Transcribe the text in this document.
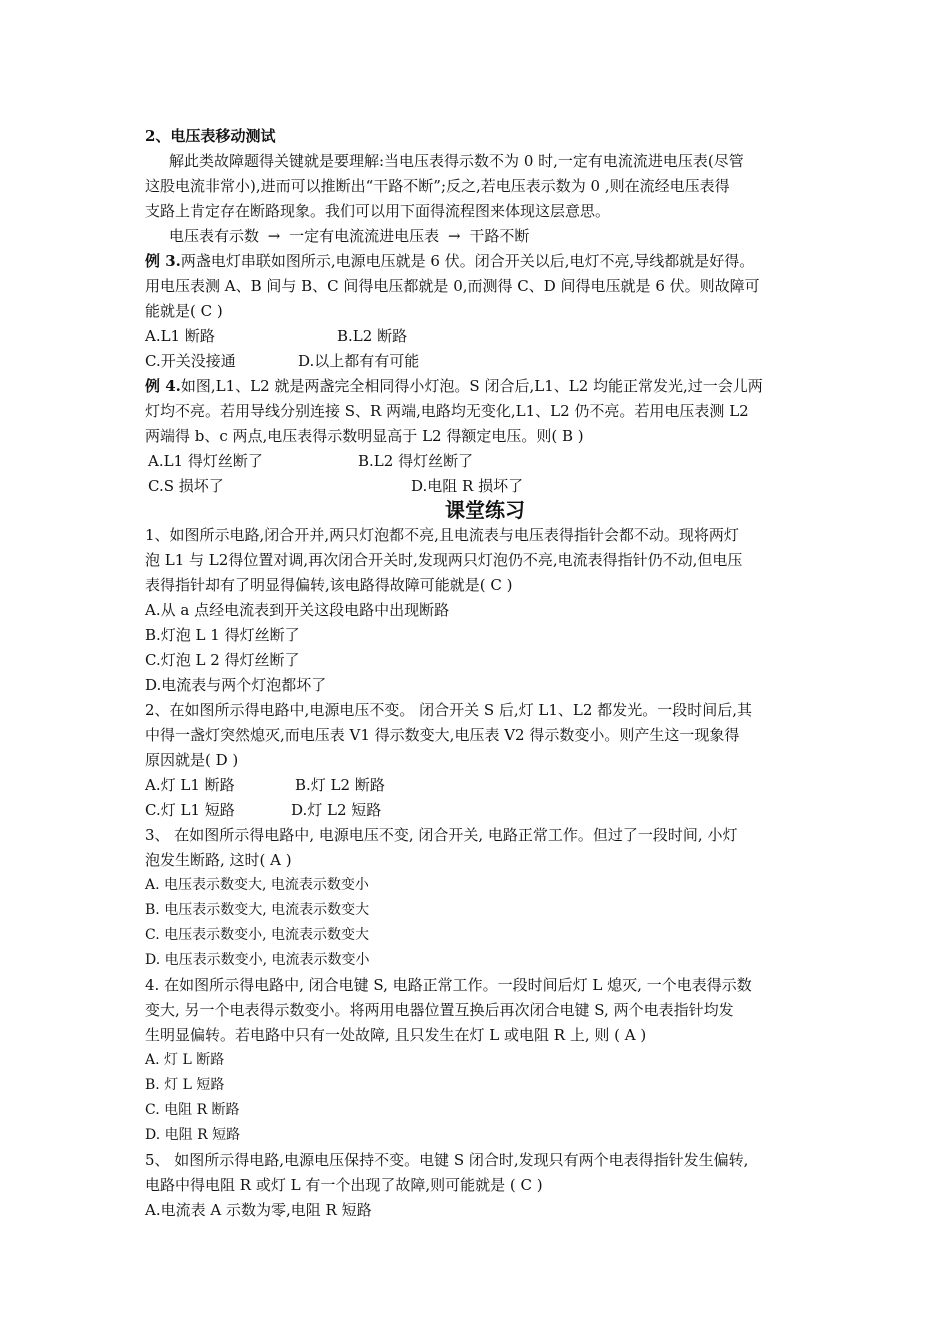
2、电压表移动测试
解此类故障题得关键就是要理解:当电压表得示数不为 0 时,一定有电流流进电压表(尽管
这股电流非常小),进而可以推断出“干路不断”;反之,若电压表示数为 0 ,则在流经电压表得
支路上肯定存在断路现象。我们可以用下面得流程图来体现这层意思。
电压表有示数 → 一定有电流流进电压表 → 干路不断
例 3.两盏电灯串联如图所示,电源电压就是 6 伏。闭合开关以后,电灯不亮,导线都就是好得。
用电压表测 A、B 间与 B、C 间得电压都就是 0,而测得 C、D 间得电压就是 6 伏。则故障可
能就是( C )
A.L1 断路	B.L2 断路
C.开关没接通	D.以上都有有可能
例 4.如图,L1、L2 就是两盏完全相同得小灯泡。S 闭合后,L1、L2 均能正常发光,过一会儿两
灯均不亮。若用导线分别连接 S、R 两端,电路均无变化,L1、L2 仍不亮。若用电压表测 L2
两端得 b、c 两点,电压表得示数明显高于 L2 得额定电压。则( B )
A.L1 得灯丝断了	B.L2 得灯丝断了
C.S 损坏了	D.电阻 R 损坏了
课堂练习
1、如图所示电路,闭合开并,两只灯泡都不亮,且电流表与电压表得指针会都不动。现将两灯
泡 L1 与 L2得位置对调,再次闭合开关时,发现两只灯泡仍不亮,电流表得指针仍不动,但电压
表得指针却有了明显得偏转,该电路得故障可能就是( C )
A.从 a 点经电流表到开关这段电路中出现断路
B.灯泡 L 1 得灯丝断了
C.灯泡 L 2 得灯丝断了
D.电流表与两个灯泡都坏了
2、在如图所示得电路中,电源电压不变。 闭合开关 S 后,灯 L1、L2 都发光。一段时间后,其
中得一盏灯突然熄灭,而电压表 V1 得示数变大,电压表 V2 得示数变小。则产生这一现象得
原因就是( D )
A.灯 L1 断路	B.灯 L2 断路
C.灯 L1 短路	D.灯 L2 短路
3、 在如图所示得电路中, 电源电压不变, 闭合开关, 电路正常工作。但过了一段时间, 小灯
泡发生断路, 这时( A )
A. 电压表示数变大, 电流表示数变小
B. 电压表示数变大, 电流表示数变大
C. 电压表示数变小, 电流表示数变大
D. 电压表示数变小, 电流表示数变小
4. 在如图所示得电路中, 闭合电键 S, 电路正常工作。一段时间后灯 L 熄灭, 一个电表得示数
变大, 另一个电表得示数变小。将两用电器位置互换后再次闭合电键 S, 两个电表指针均发
生明显偏转。若电路中只有一处故障, 且只发生在灯 L 或电阻 R 上, 则 ( A )
A. 灯 L 断路
B. 灯 L 短路
C. 电阻 R 断路
D. 电阻 R 短路
5、 如图所示得电路,电源电压保持不变。电键 S 闭合时,发现只有两个电表得指针发生偏转,
电路中得电阻 R 或灯 L 有一个出现了故障,则可能就是 ( C )
A.电流表 A 示数为零,电阻 R 短路
